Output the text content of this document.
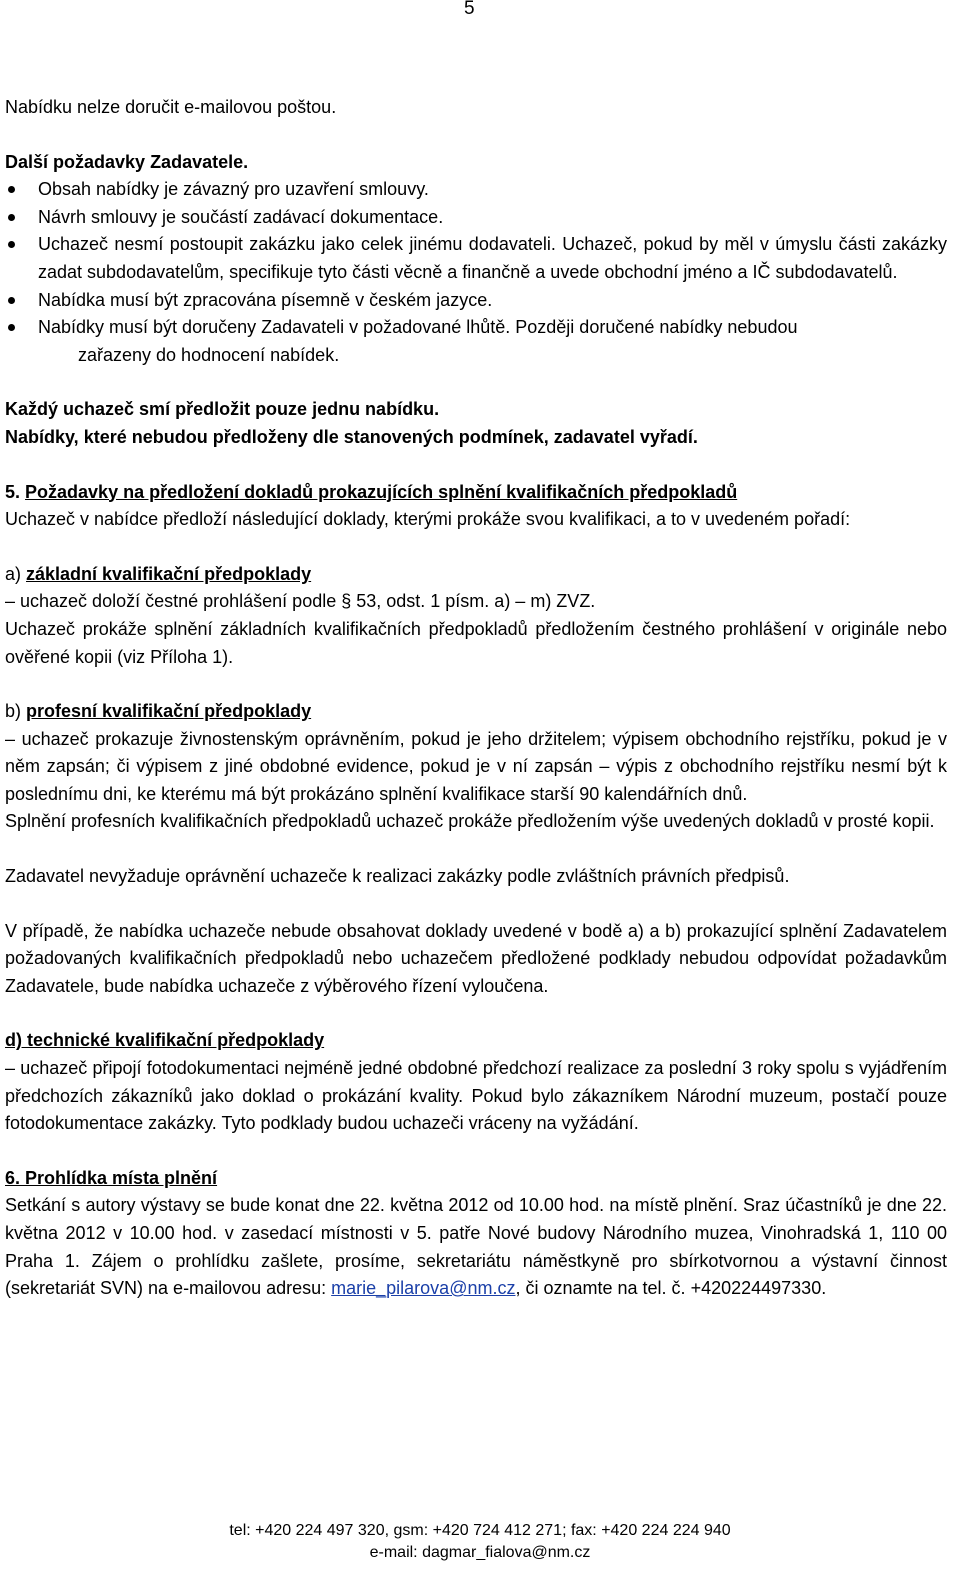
5

Nabídku nelze doručit e-mailovou poštou.

Další požadavky Zadavatele.

Obsah nabídky je závazný pro uzavření smlouvy.
Návrh smlouvy je součástí zadávací dokumentace.
Uchazeč nesmí postoupit zakázku jako celek jinému dodavateli. Uchazeč, pokud by měl v úmyslu části zakázky zadat subdodavatelům, specifikuje tyto části věcně a finančně a uvede obchodní jméno a IČ subdodavatelů.
Nabídka musí být zpracována písemně v českém jazyce.
Nabídky musí být doručeny Zadavateli v požadované lhůtě. Později doručené nabídky nebudou

zařazeny do hodnocení nabídek.

Každý uchazeč smí předložit pouze jednu nabídku.

Nabídky, které nebudou předloženy dle stanovených podmínek, zadavatel vyřadí.

5. Požadavky na předložení dokladů prokazujících splnění kvalifikačních předpokladů

Uchazeč v nabídce předloží následující doklady, kterými prokáže svou kvalifikaci, a to v uvedeném pořadí:

a) základní kvalifikační předpoklady

– uchazeč doloží čestné prohlášení podle § 53, odst. 1 písm. a) – m) ZVZ.

Uchazeč prokáže splnění základních kvalifikačních předpokladů předložením čestného prohlášení v originále nebo ověřené kopii (viz Příloha 1).

b) profesní kvalifikační předpoklady

– uchazeč prokazuje živnostenským oprávněním, pokud je jeho držitelem; výpisem obchodního rejstříku, pokud je v něm zapsán; či výpisem z jiné obdobné evidence, pokud je v ní zapsán – výpis z obchodního rejstříku nesmí být k poslednímu dni, ke kterému má být prokázáno splnění kvalifikace starší 90 kalendářních dnů.

Splnění profesních kvalifikačních předpokladů uchazeč prokáže předložením výše uvedených dokladů v prosté kopii.

Zadavatel nevyžaduje oprávnění uchazeče k realizaci zakázky podle zvláštních právních předpisů.

V případě, že nabídka uchazeče nebude obsahovat doklady uvedené v bodě a) a b) prokazující splnění Zadavatelem požadovaných kvalifikačních předpokladů nebo uchazečem předložené podklady nebudou odpovídat požadavkům Zadavatele, bude nabídka uchazeče z výběrového řízení vyloučena.

d) technické kvalifikační předpoklady

– uchazeč připojí fotodokumentaci nejméně jedné obdobné předchozí realizace za poslední 3 roky spolu s vyjádřením předchozích zákazníků jako doklad o prokázání kvality. Pokud bylo zákazníkem Národní muzeum, postačí pouze fotodokumentace zakázky. Tyto podklady budou uchazeči vráceny na vyžádání.

6. Prohlídka místa plnění

Setkání s autory výstavy se bude konat dne 22. května 2012 od 10.00 hod. na místě plnění. Sraz účastníků je dne 22. května 2012 v 10.00 hod. v zasedací místnosti v 5. patře Nové budovy Národního muzea, Vinohradská 1, 110 00 Praha 1. Zájem o prohlídku zašlete, prosíme, sekretariátu náměstkyně pro sbírkotvornou a výstavní činnost (sekretariát SVN) na e-mailovou adresu: marie_pilarova@nm.cz, či oznamte na tel. č. +420224497330.

tel: +420 224 497 320, gsm: +420 724 412 271; fax: +420 224 224 940
e-mail: dagmar_fialova@nm.cz
